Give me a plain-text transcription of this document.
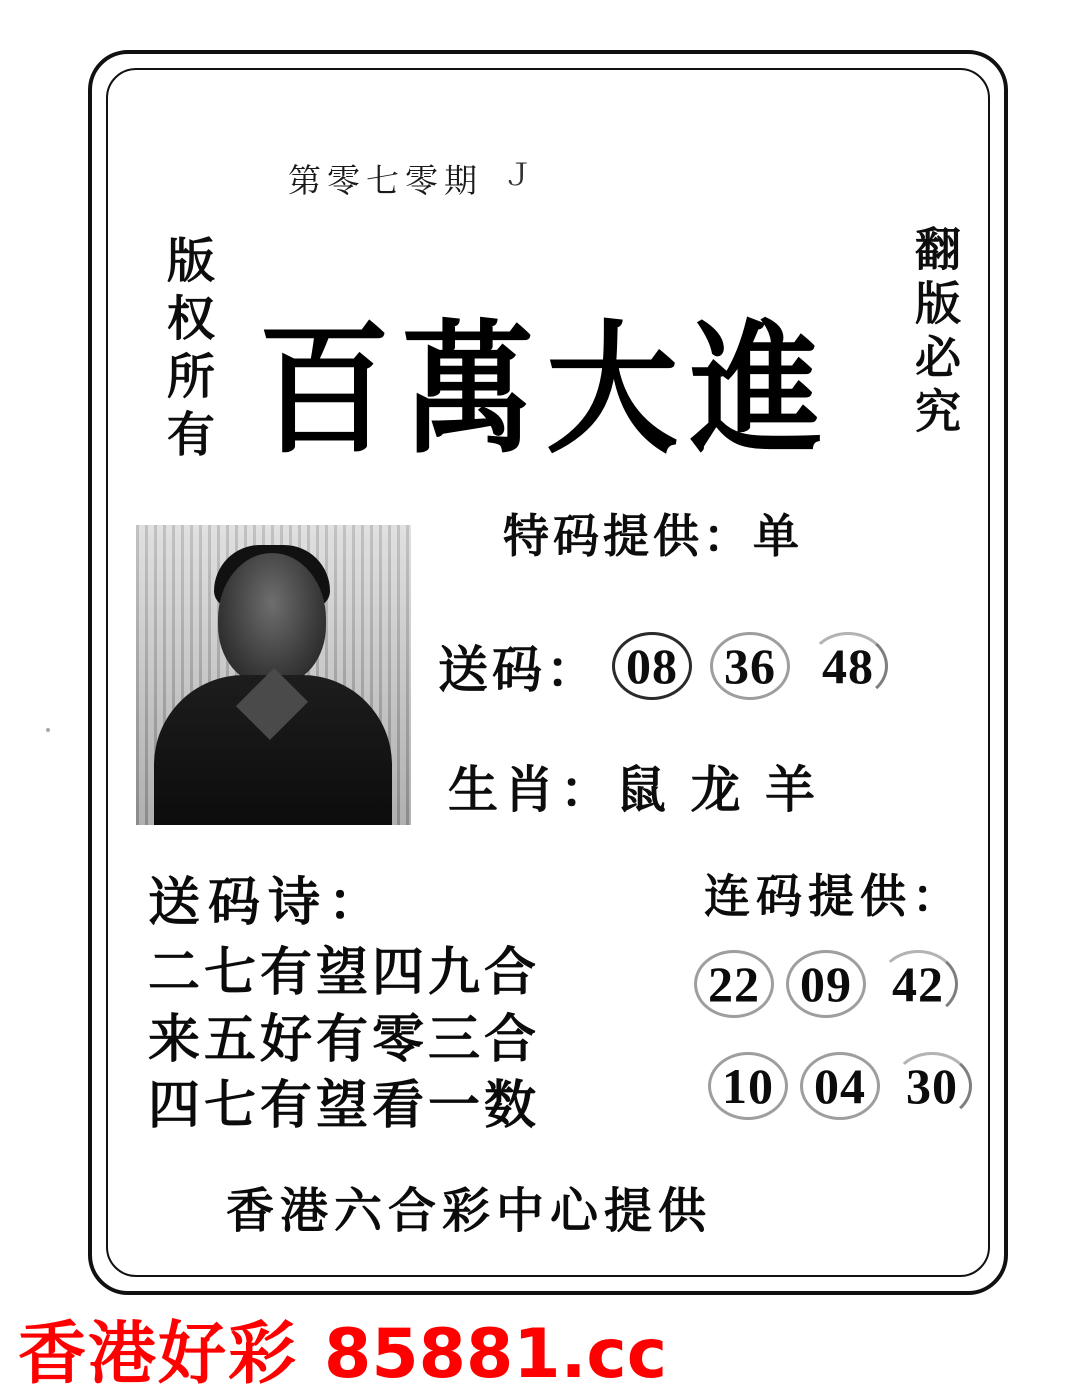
第零七零期 Ｊ
版权所有	翻版必究
百萬大進
特码提供：单
送码： 08 36 48
生肖：鼠 龙 羊
送码诗：
二七有望四九合
来五好有零三合
四七有望看一数
连码提供：
22 09 42
10 04 30
香港六合彩中心提供
香港好彩 85881.cc
